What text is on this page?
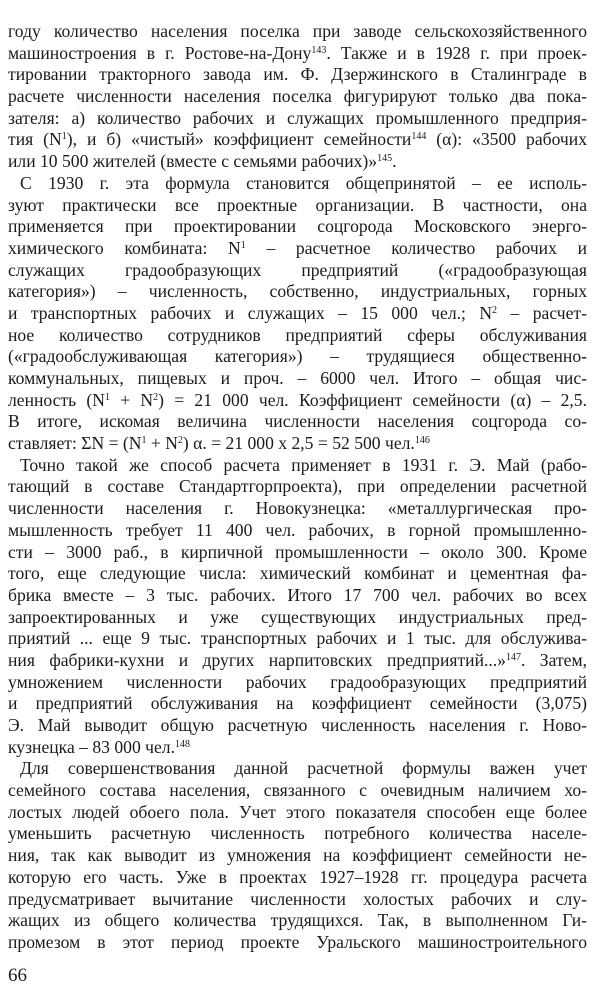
году количество населения поселка при заводе сельскохозяйственного
машиностроения в г. Ростове-на-Дону$^{143}$. Также и в 1928 г. при проек-
тировании тракторного завода им. Ф. Дзержинского в Сталинграде в
расчете численности населения поселка фигурируют только два пока-
зателя: а) количество рабочих и служащих промышленного предприя-
тия $(N^1)$, и б) «чистый» коэффициент семейности$^{144}$ (α): «3500 рабочих
или 10 500 жителей (вместе с семьями рабочих)»$^{145}$.
С 1930 г. эта формула становится общепринятой – ее исполь-
зуют практически все проектные организации. В частности, она
применяется при проектировании соцгорода Московского энерго-
химического комбината: $N^1$ – расчетное количество рабочих и
служащих градообразующих предприятий («градообразующая
категория») – численность, собственно, индустриальных, горных
и транспортных рабочих и служащих – 15 000 чел.; $N^2$ – расчет-
ное количество сотрудников предприятий сферы обслуживания
(«градообслуживающая категория») – трудящиеся общественно-
коммунальных, пищевых и проч. – 6000 чел. Итого – общая чис-
ленность $(N^1 + N^2) = 21$ 000 чел. Коэффициент семейности (α) – 2,5.
В итоге, искомая величина численности населения соцгорода со-
ставляет: $\Sigma N = (N^1 + N^2) \alpha$. = 21 000 x 2,5 = 52 500 чел.$^{146}$
Точно такой же способ расчета применяет в 1931 г. Э. Май (рабо-
тающий в составе Стандартгорпроекта), при определении расчетной
численности населения г. Новокузнецка: «металлургическая про-
мышленность требует 11 400 чел. рабочих, в горной промышленно-
сти – 3000 раб., в кирпичной промышленности – около 300. Кроме
того, еще следующие числа: химический комбинат и цементная фа-
брика вместе – 3 тыс. рабочих. Итого 17 700 чел. рабочих во всех
запроектированных и уже существующих индустриальных пред-
приятий ... еще 9 тыс. транспортных рабочих и 1 тыс. для обслужива-
ния фабрики-кухни и других нарпитовских предприятий...»$^{147}$. Затем,
умножением численности рабочих градообразующих предприятий
и предприятий обслуживания на коэффициент семейности (3,075)
Э. Май выводит общую расчетную численность населения г. Ново-
кузнецка – 83 000 чел.$^{148}$
Для совершенствования данной расчетной формулы важен учет
семейного состава населения, связанного с очевидным наличием хо-
лостых людей обоего пола. Учет этого показателя способен еще более
уменьшить расчетную численность потребного количества населе-
ния, так как выводит из умножения на коэффициент семейности не-
которую его часть. Уже в проектах 1927–1928 гг. процедура расчета
предусматривает вычитание численности холостых рабочих и слу-
жащих из общего количества трудящихся. Так, в выполненном Ги-
промезом в этот период проекте Уральского машиностроительного
66
